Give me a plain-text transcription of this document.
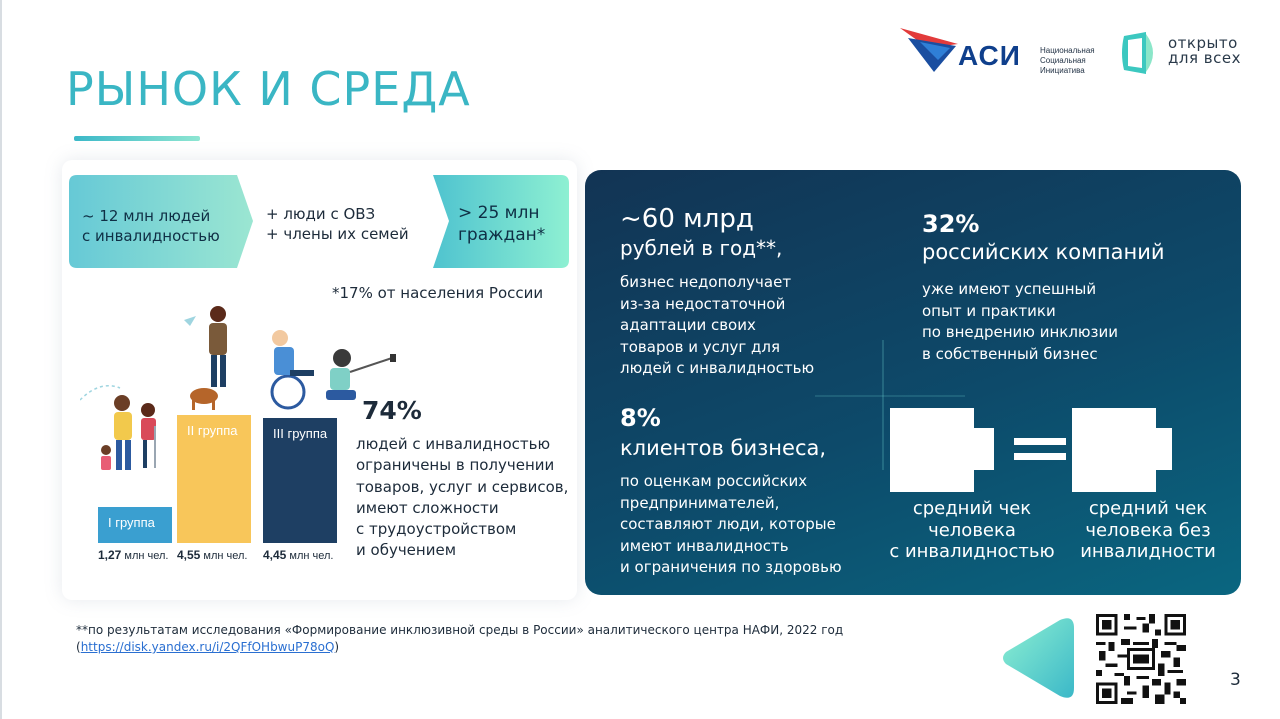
РЫНОК И СРЕДА
АСИ Национальная
Социальная
Инициатива
открыто
для всех
~ 12 млн людей
с инвалидностью
+ люди с ОВЗ
+ члены их семей
> 25 млн
граждан*
*17% от населения России
I группа
1,27 млн чел.
II группа
4,55 млн чел.
III группа
4,45 млн чел.
74%
людей с инвалидностью
ограничены в получении
товаров, услуг и сервисов,
имеют сложности
с трудоустройством
и обучением
~60 млрд
рублей в год**,
бизнес недополучает
из-за недостаточной
адаптации своих
товаров и услуг для
людей с инвалидностью
32%
российских компаний
уже имеют успешный
опыт и практики
по внедрению инклюзии
в собственный бизнес
8%
клиентов бизнеса,
по оценкам российских
предпринимателей,
составляют люди, которые
имеют инвалидность
и ограничения по здоровью
средний чек
человека
с инвалидностью
средний чек
человека без
инвалидности
**по результатам исследования «Формирование инклюзивной среды в России» аналитического центра НАФИ, 2022 год
(https://disk.yandex.ru/i/2QFfOHbwuP78oQ)
3
